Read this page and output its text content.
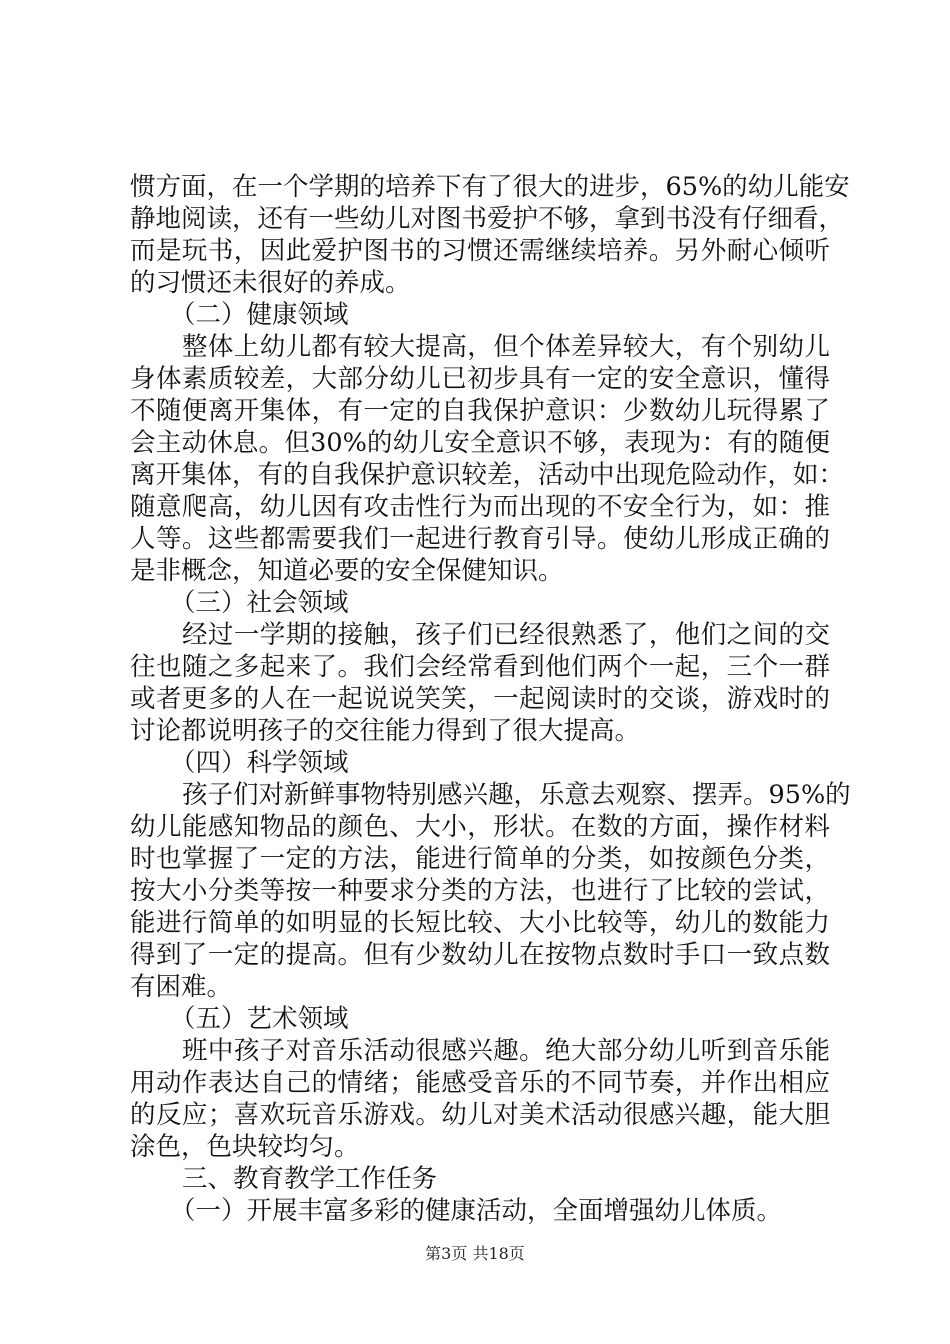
惯方面，在一个学期的培养下有了很大的进步，65%的幼儿能安
静地阅读，还有一些幼儿对图书爱护不够，拿到书没有仔细看，
而是玩书，因此爱护图书的习惯还需继续培养。另外耐心倾听
的习惯还未很好的养成。
（二）健康领域
整体上幼儿都有较大提高，但个体差异较大，有个别幼儿
身体素质较差，大部分幼儿已初步具有一定的安全意识，懂得
不随便离开集体，有一定的自我保护意识：少数幼儿玩得累了
会主动休息。但30%的幼儿安全意识不够，表现为：有的随便
离开集体，有的自我保护意识较差，活动中出现危险动作，如：
随意爬高，幼儿因有攻击性行为而出现的不安全行为，如：推
人等。这些都需要我们一起进行教育引导。使幼儿形成正确的
是非概念，知道必要的安全保健知识。
（三）社会领域
经过一学期的接触，孩子们已经很熟悉了，他们之间的交
往也随之多起来了。我们会经常看到他们两个一起，三个一群
或者更多的人在一起说说笑笑，一起阅读时的交谈，游戏时的
讨论都说明孩子的交往能力得到了很大提高。
（四）科学领域
孩子们对新鲜事物特别感兴趣，乐意去观察、摆弄。95%的
幼儿能感知物品的颜色、大小，形状。在数的方面，操作材料
时也掌握了一定的方法，能进行简单的分类，如按颜色分类，
按大小分类等按一种要求分类的方法，也进行了比较的尝试，
能进行简单的如明显的长短比较、大小比较等，幼儿的数能力
得到了一定的提高。但有少数幼儿在按物点数时手口一致点数
有困难。
（五）艺术领域
班中孩子对音乐活动很感兴趣。绝大部分幼儿听到音乐能
用动作表达自己的情绪；能感受音乐的不同节奏，并作出相应
的反应；喜欢玩音乐游戏。幼儿对美术活动很感兴趣，能大胆
涂色，色块较均匀。
三、教育教学工作任务
（一）开展丰富多彩的健康活动，全面增强幼儿体质。
第3页 共18页
